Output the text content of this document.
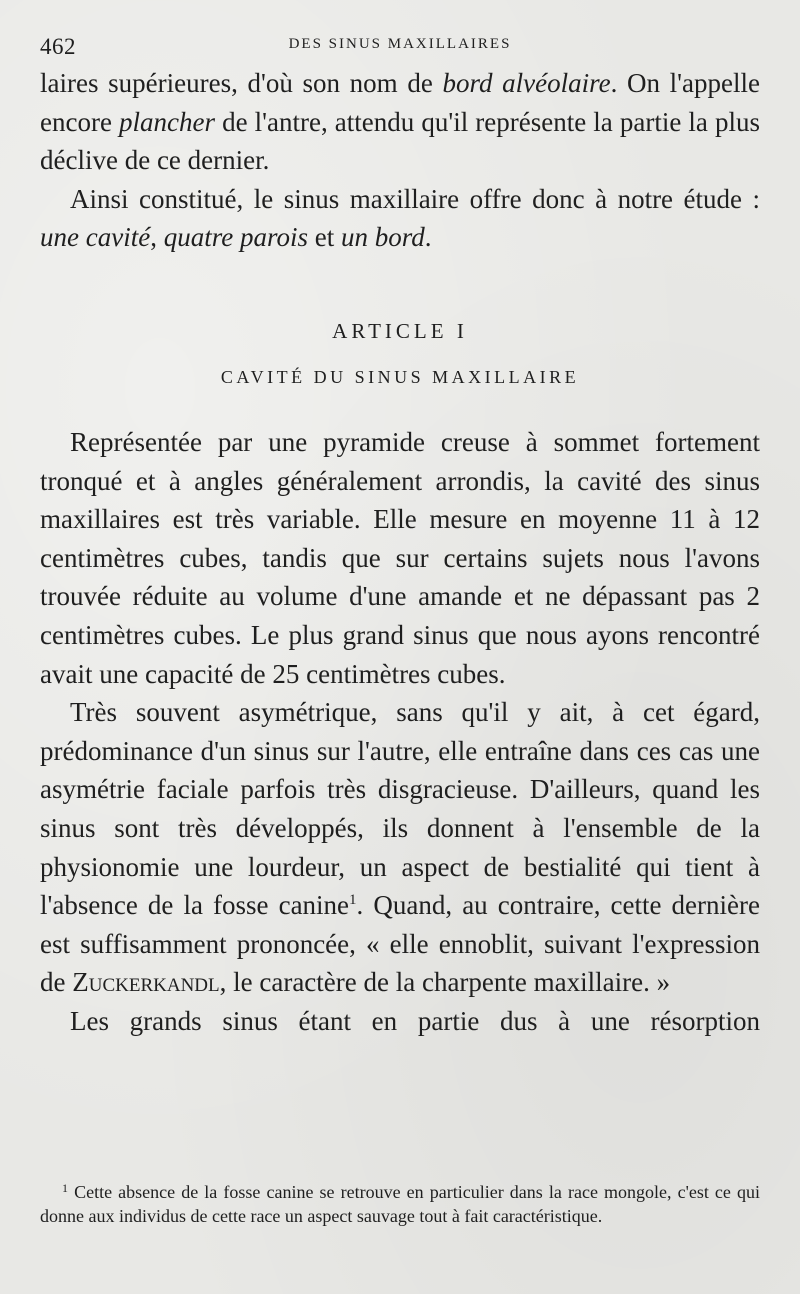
462	DES SINUS MAXILLAIRES

laires supérieures, d'où son nom de bord alvéolaire. On l'appelle encore plancher de l'antre, attendu qu'il représente la partie la plus déclive de ce dernier.

Ainsi constitué, le sinus maxillaire offre donc à notre étude : une cavité, quatre parois et un bord.

ARTICLE I
CAVITÉ DU SINUS MAXILLAIRE

Représentée par une pyramide creuse à sommet fortement tronqué et à angles généralement arrondis, la cavité des sinus maxillaires est très variable. Elle mesure en moyenne 11 à 12 centimètres cubes, tandis que sur certains sujets nous l'avons trouvée réduite au volume d'une amande et ne dépassant pas 2 centimètres cubes. Le plus grand sinus que nous ayons rencontré avait une capacité de 25 centimètres cubes.

Très souvent asymétrique, sans qu'il y ait, à cet égard, prédominance d'un sinus sur l'autre, elle entraîne dans ces cas une asymétrie faciale parfois très disgracieuse. D'ailleurs, quand les sinus sont très développés, ils donnent à l'ensemble de la physionomie une lourdeur, un aspect de bestialité qui tient à l'absence de la fosse canine$^1$. Quand, au contraire, cette dernière est suffisamment prononcée, « elle ennoblit, suivant l'expression de Zuckerkandl, le caractère de la charpente maxillaire. »

Les grands sinus étant en partie dus à une résorption

$^1$ Cette absence de la fosse canine se retrouve en particulier dans la race mongole, c'est ce qui donne aux individus de cette race un aspect sauvage tout à fait caractéristique.
